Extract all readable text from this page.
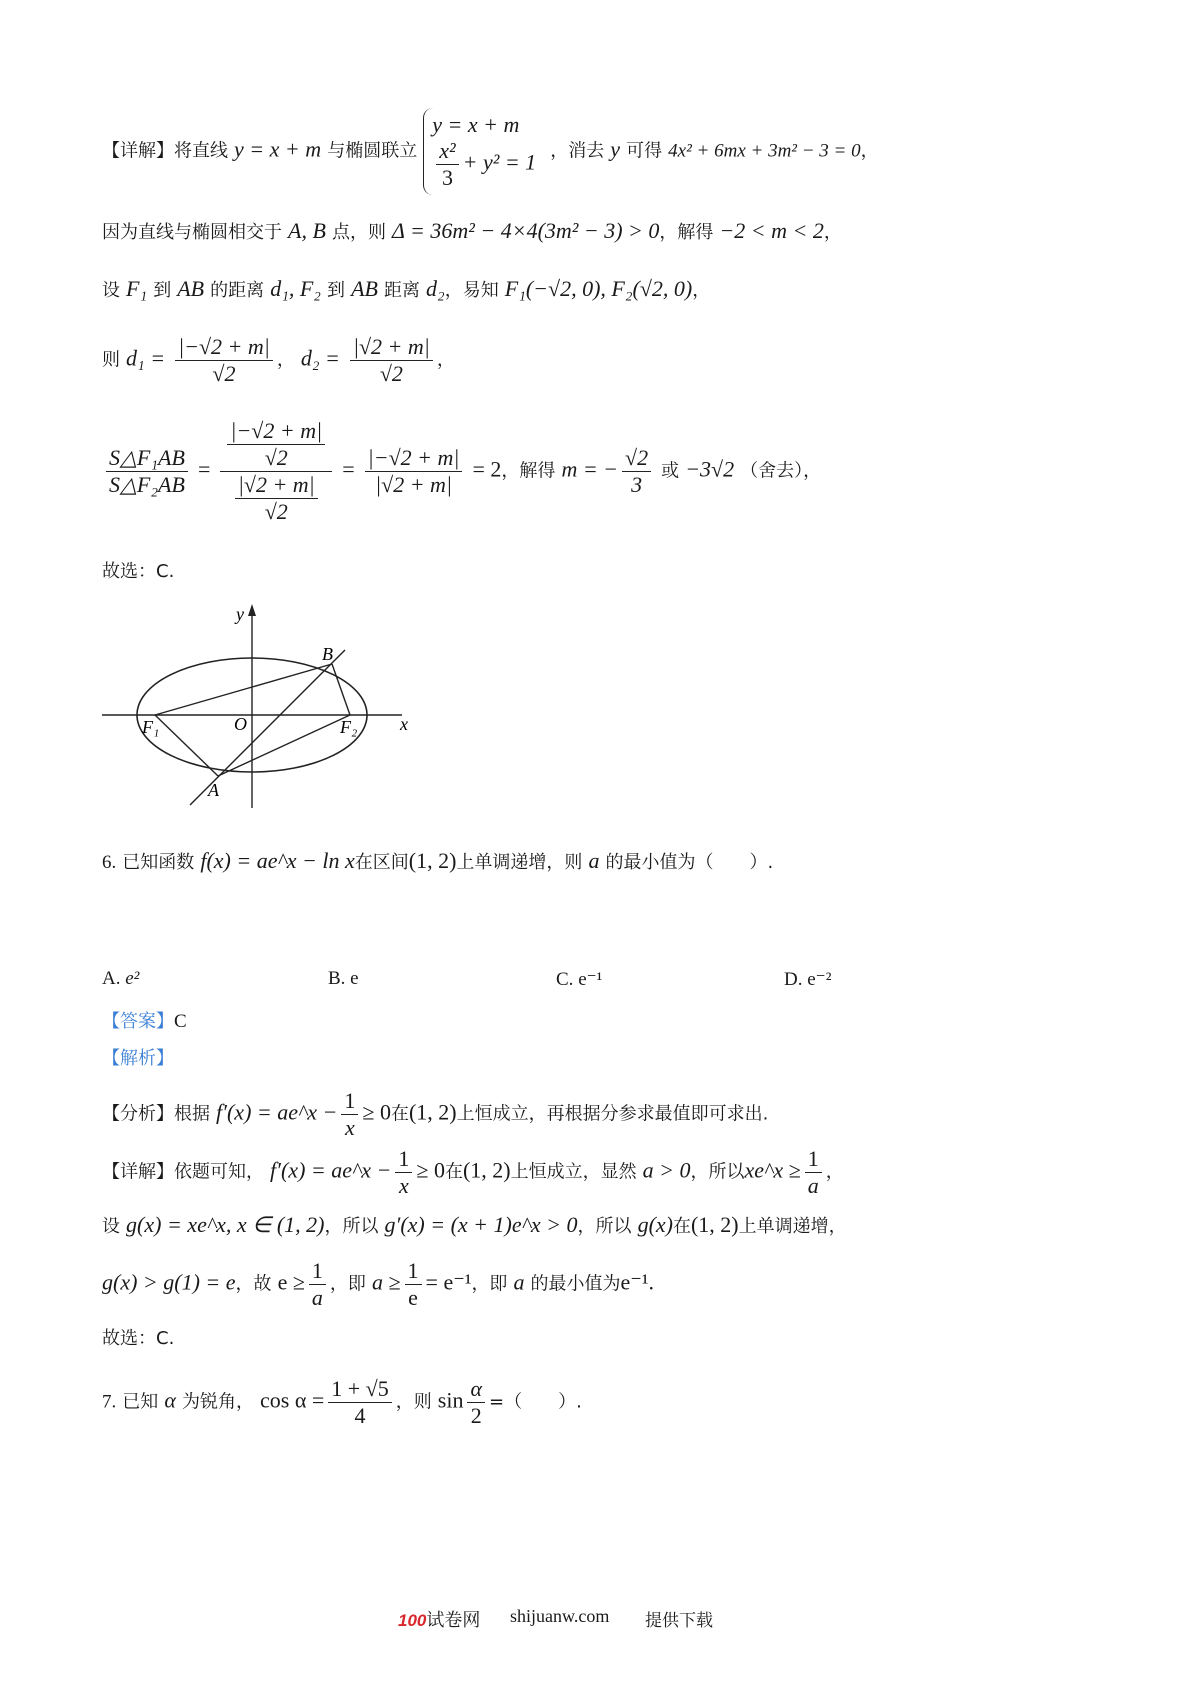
【详解】将直线 y = x + m 与椭圆联立
y = x + m
$\frac{\text{x²}}{3} + y^2 = 1$ ，消去 y 可得 4x² + 6mx + 3m² − 3 = 0，
因为直线与椭圆相交于 A, B 点，则 Δ = 36m² − 4×4(3m² − 3) > 0，解得 −2 < m < 2，
设 F₁ 到 AB 的距离 d₁, F₂ 到 AB 距离 d₂，易知 F₁(−√2, 0), F₂(√2, 0)，
则 $d_1 = \frac{|-√2 + m|}{√2}$ ， $d_2 = \frac{|√2 + m|}{√2}$ ，
$\frac{\text{S△F₁AB}}{\text{S△F₂AB}} = \frac{\frac{|-√2 + m|}{√2}}{\frac{|√2 + m|}{√2}} = \frac{|-√2 + m|}{|√2 + m|} = 2$，解得 m = − $\frac{√2}{3}$ 或 −3√2 （舍去），
故选：C.
y
x
O
F₁	F₂
A
B
6. 已知函数 f(x) = ae^x − ln x在区间(1, 2)上单调递增，则 a 的最小值为（　　）.
A. e²	B. e	C. e⁻¹	D. e⁻²
【答案】C
【解析】
【分析】根据 f′(x) = ae^x − $\frac{1}{x} \ge 0$在(1, 2)上恒成立，再根据分参求最值即可求出.
【详解】依题可知， f′(x) = ae^x − $\frac{1}{x} \ge 0$在(1, 2)上恒成立，显然 a > 0，所以xe^x ≥ $\frac{1}{a}$ ，
设 g(x) = xe^x, x ∈ (1, 2)，所以 g′(x) = (x + 1)e^x > 0，所以 g(x)在(1, 2)上单调递增，
g(x) > g(1) = e，故 $e \ge \frac{1}{a}$ ，即 $a \ge \frac{1}{e} = e^{-1}$，即 a 的最小值为e⁻¹.
故选：C.
7. 已知 α 为锐角， $\cos \alpha = \frac{1 + √5}{4}$ ，则 $\sin \frac{\alpha}{2}$ =（　　）.
100试卷网 shijuanw.com 提供下载
